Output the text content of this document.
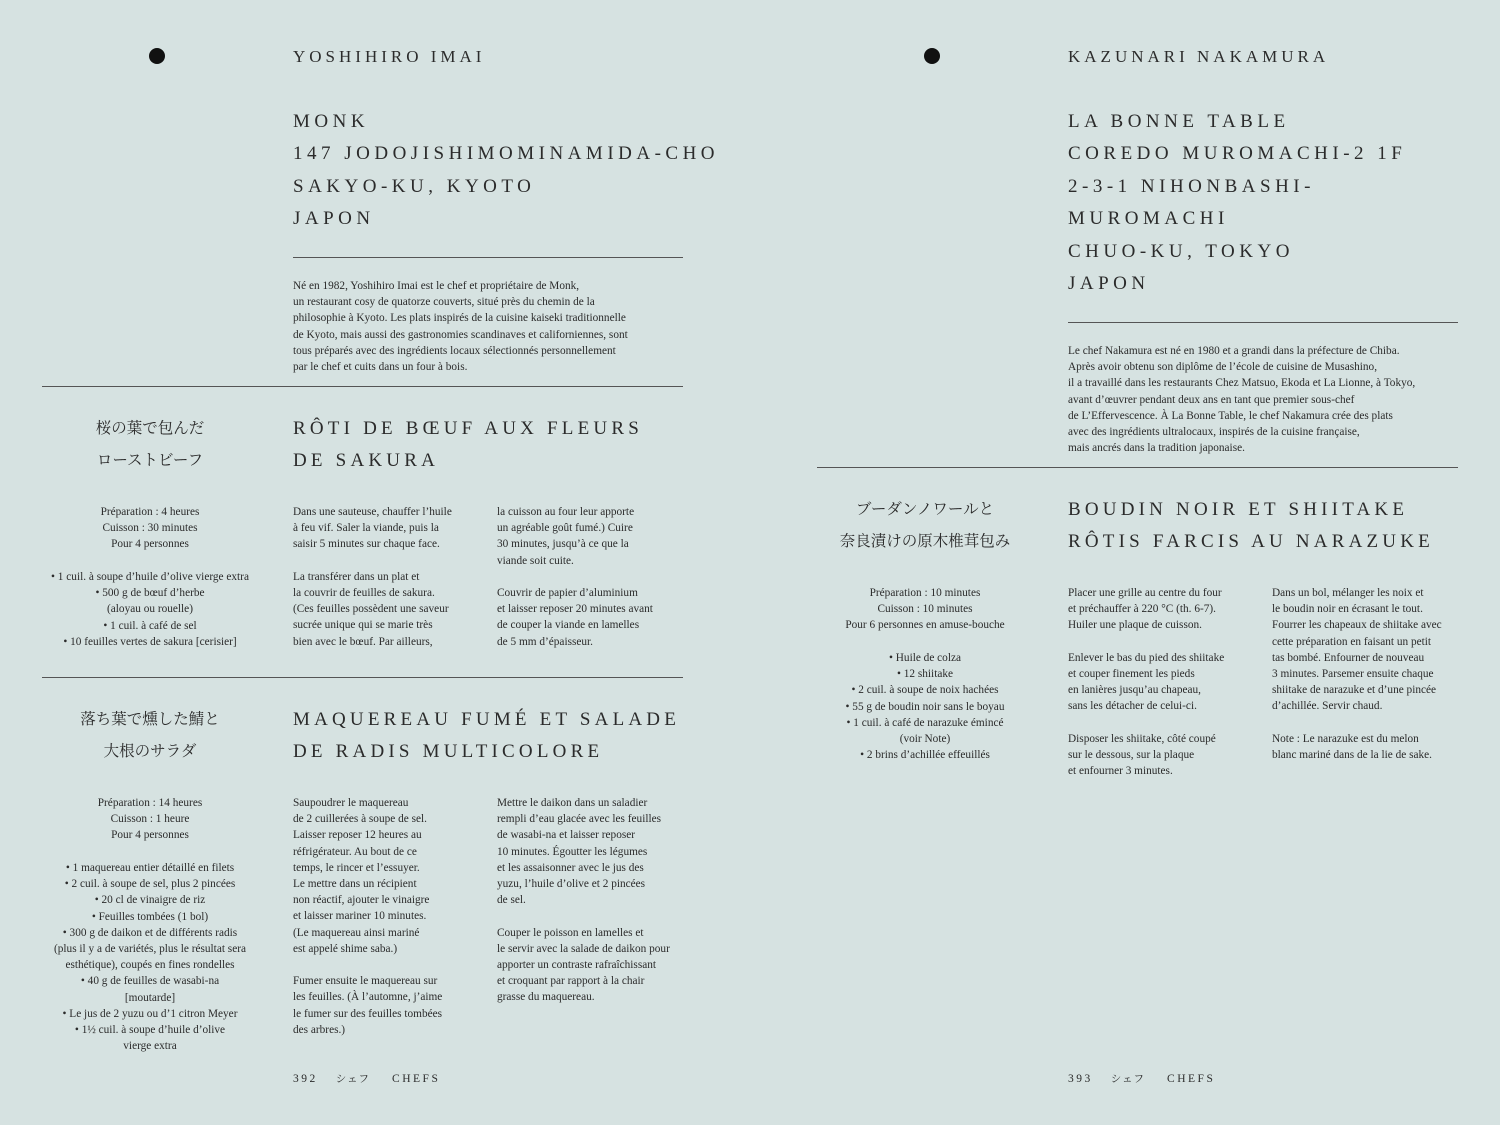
YOSHIHIRO IMAI
MONK
147 JODOJISHIMOMINAMIDA-CHO
SAKYO-KU, KYOTO
JAPON
Né en 1982, Yoshihiro Imai est le chef et propriétaire de Monk,
un restaurant cosy de quatorze couverts, situé près du chemin de la
philosophie à Kyoto. Les plats inspirés de la cuisine kaiseki traditionnelle
de Kyoto, mais aussi des gastronomies scandinaves et californiennes, sont
tous préparés avec des ingrédients locaux sélectionnés personnellement
par le chef et cuits dans un four à bois.
桜の葉で包んだ
ローストビーフ
RÔTI DE BŒUF AUX FLEURS
DE SAKURA
Préparation : 4 heures
Cuisson : 30 minutes
Pour 4 personnes
• 1 cuil. à soupe d’huile d’olive vierge extra
• 500 g de bœuf d’herbe
(aloyau ou rouelle)
• 1 cuil. à café de sel
• 10 feuilles vertes de sakura [cerisier]

Dans une sauteuse, chauffer l’huile
à feu vif. Saler la viande, puis la
saisir 5 minutes sur chaque face.

La transférer dans un plat et
la couvrir de feuilles de sakura.
(Ces feuilles possèdent une saveur
sucrée unique qui se marie très
bien avec le bœuf. Par ailleurs,

la cuisson au four leur apporte
un agréable goût fumé.) Cuire
30 minutes, jusqu’à ce que la
viande soit cuite.

Couvrir de papier d’aluminium
et laisser reposer 20 minutes avant
de couper la viande en lamelles
de 5 mm d’épaisseur.

落ち葉で燻した鯖と
大根のサラダ
MAQUEREAU FUMÉ ET SALADE
DE RADIS MULTICOLORE
Préparation : 14 heures
Cuisson : 1 heure
Pour 4 personnes
• 1 maquereau entier détaillé en filets
• 2 cuil. à soupe de sel, plus 2 pincées
• 20 cl de vinaigre de riz
• Feuilles tombées (1 bol)
• 300 g de daikon et de différents radis
(plus il y a de variétés, plus le résultat sera
esthétique), coupés en fines rondelles
• 40 g de feuilles de wasabi-na
[moutarde]
• Le jus de 2 yuzu ou d’1 citron Meyer
• 1½ cuil. à soupe d’huile d’olive
vierge extra

Saupoudrer le maquereau
de 2 cuillerées à soupe de sel.
Laisser reposer 12 heures au
réfrigérateur. Au bout de ce
temps, le rincer et l’essuyer.
Le mettre dans un récipient
non réactif, ajouter le vinaigre
et laisser mariner 10 minutes.
(Le maquereau ainsi mariné
est appelé shime saba.)

Fumer ensuite le maquereau sur
les feuilles. (À l’automne, j’aime
le fumer sur des feuilles tombées
des arbres.)

Mettre le daikon dans un saladier
rempli d’eau glacée avec les feuilles
de wasabi-na et laisser reposer
10 minutes. Égoutter les légumes
et les assaisonner avec le jus des
yuzu, l’huile d’olive et 2 pincées
de sel.

Couper le poisson en lamelles et
le servir avec la salade de daikon pour
apporter un contraste rafraîchissant
et croquant par rapport à la chair
grasse du maquereau.

392 シェフ CHEFS
KAZUNARI NAKAMURA
LA BONNE TABLE
COREDO MUROMACHI-2 1F
2-3-1 NIHONBASHI-
MUROMACHI
CHUO-KU, TOKYO
JAPON
Le chef Nakamura est né en 1980 et a grandi dans la préfecture de Chiba.
Après avoir obtenu son diplôme de l’école de cuisine de Musashino,
il a travaillé dans les restaurants Chez Matsuo, Ekoda et La Lionne, à Tokyo,
avant d’œuvrer pendant deux ans en tant que premier sous-chef
de L’Effervescence. À La Bonne Table, le chef Nakamura crée des plats
avec des ingrédients ultralocaux, inspirés de la cuisine française,
mais ancrés dans la tradition japonaise.
ブーダンノワールと
奈良漬けの原木椎茸包み
BOUDIN NOIR ET SHIITAKE
RÔTIS FARCIS AU NARAZUKE
Préparation : 10 minutes
Cuisson : 10 minutes
Pour 6 personnes en amuse-bouche
• Huile de colza
• 12 shiitake
• 2 cuil. à soupe de noix hachées
• 55 g de boudin noir sans le boyau
• 1 cuil. à café de narazuke émincé
(voir Note)
• 2 brins d’achillée effeuillés

Placer une grille au centre du four
et préchauffer à 220 °C (th. 6-7).
Huiler une plaque de cuisson.

Enlever le bas du pied des shiitake
et couper finement les pieds
en lanières jusqu’au chapeau,
sans les détacher de celui-ci.

Disposer les shiitake, côté coupé
sur le dessous, sur la plaque
et enfourner 3 minutes.

Dans un bol, mélanger les noix et
le boudin noir en écrasant le tout.
Fourrer les chapeaux de shiitake avec
cette préparation en faisant un petit
tas bombé. Enfourner de nouveau
3 minutes. Parsemer ensuite chaque
shiitake de narazuke et d’une pincée
d’achillée. Servir chaud.

Note : Le narazuke est du melon
blanc mariné dans de la lie de sake.

393 シェフ CHEFS
